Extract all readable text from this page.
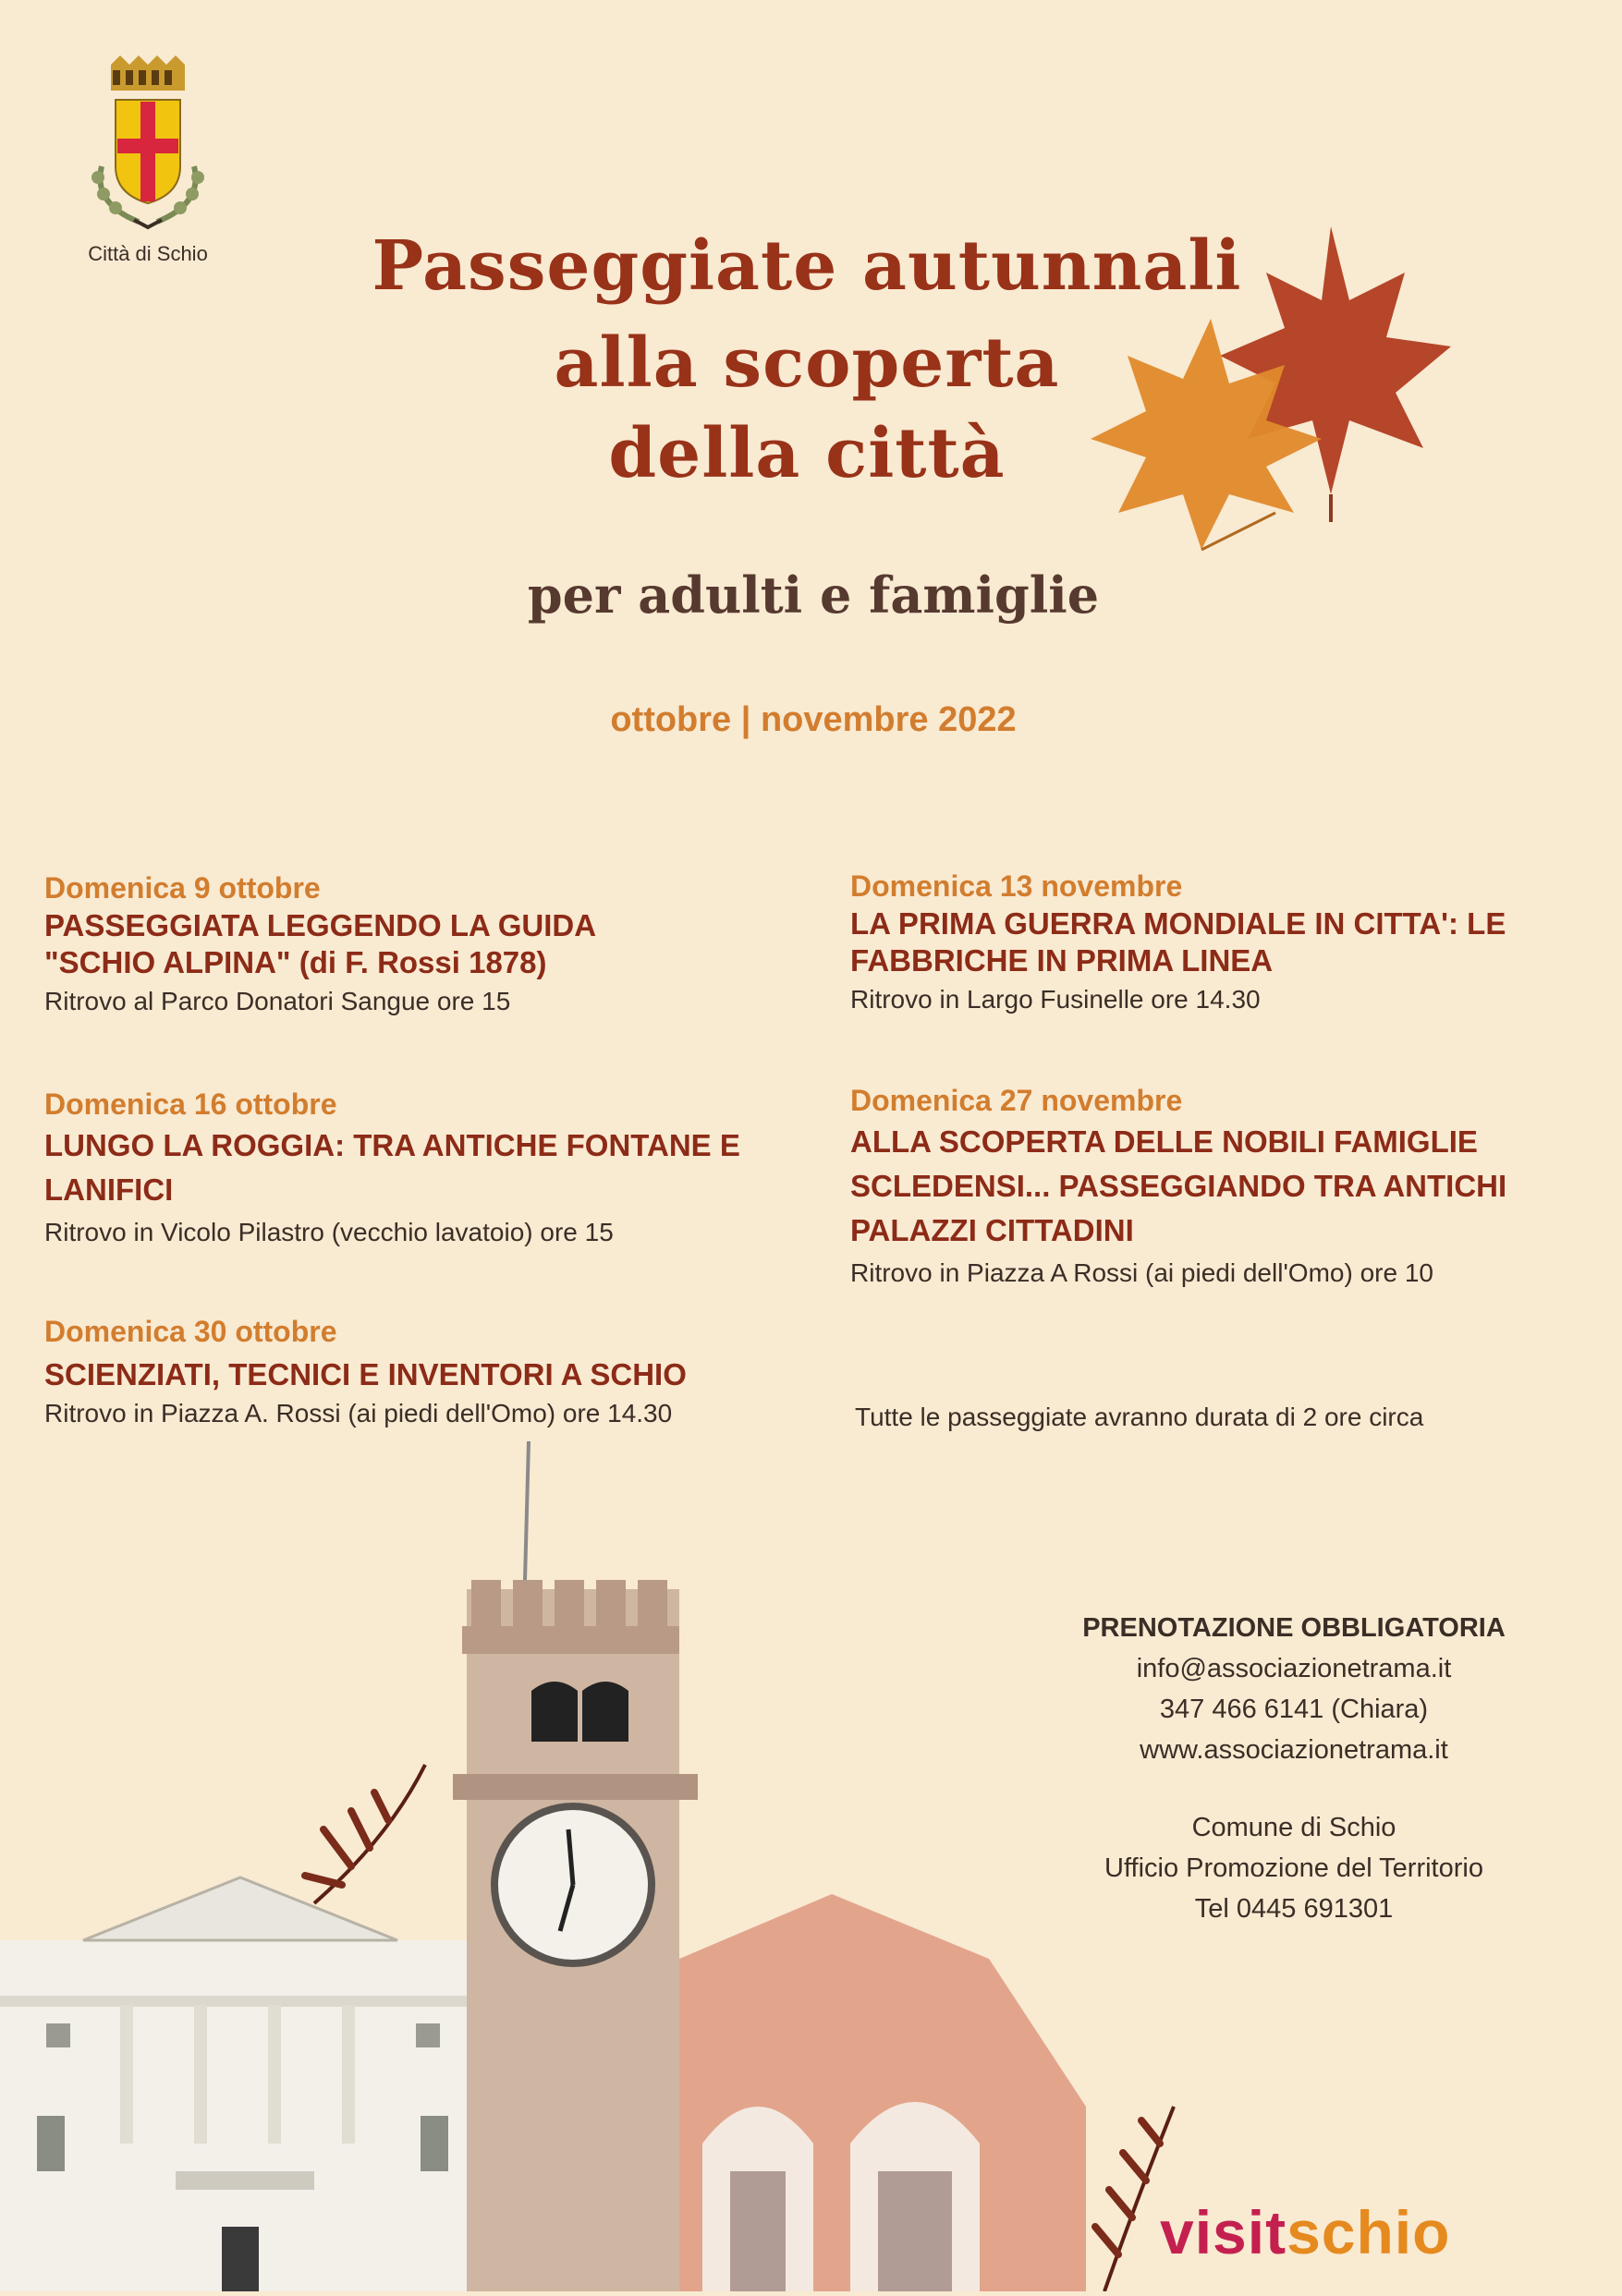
Città di Schio	Passeggiate autunnali
alla scoperta
della città
per adulti e famiglie
ottobre | novembre 2022
Domenica 9 ottobre
PASSEGGIATA LEGGENDO LA GUIDA "SCHIO ALPINA" (di F. Rossi 1878)
Ritrovo al Parco Donatori Sangue ore 15
Domenica 16 ottobre
LUNGO LA ROGGIA: TRA ANTICHE FONTANE E LANIFICI
Ritrovo in Vicolo Pilastro (vecchio lavatoio) ore 15
Domenica 30 ottobre
SCIENZIATI, TECNICI E INVENTORI A SCHIO
Ritrovo in Piazza A. Rossi (ai piedi dell'Omo) ore 14.30
Domenica 13 novembre
LA PRIMA GUERRA MONDIALE IN CITTA': LE FABBRICHE IN PRIMA LINEA
Ritrovo in Largo Fusinelle ore 14.30
Domenica 27 novembre
ALLA SCOPERTA DELLE NOBILI FAMIGLIE SCLEDENSI... PASSEGGIANDO TRA ANTICHI PALAZZI CITTADINI
Ritrovo in Piazza A Rossi (ai piedi dell'Omo) ore 10
Tutte le passeggiate avranno durata di 2 ore circa
PRENOTAZIONE OBBLIGATORIA
info@associazionetrama.it
347 466 6141 (Chiara)
www.associazionetrama.it
Comune di Schio
Ufficio Promozione del Territorio
Tel 0445 691301
visitschio
